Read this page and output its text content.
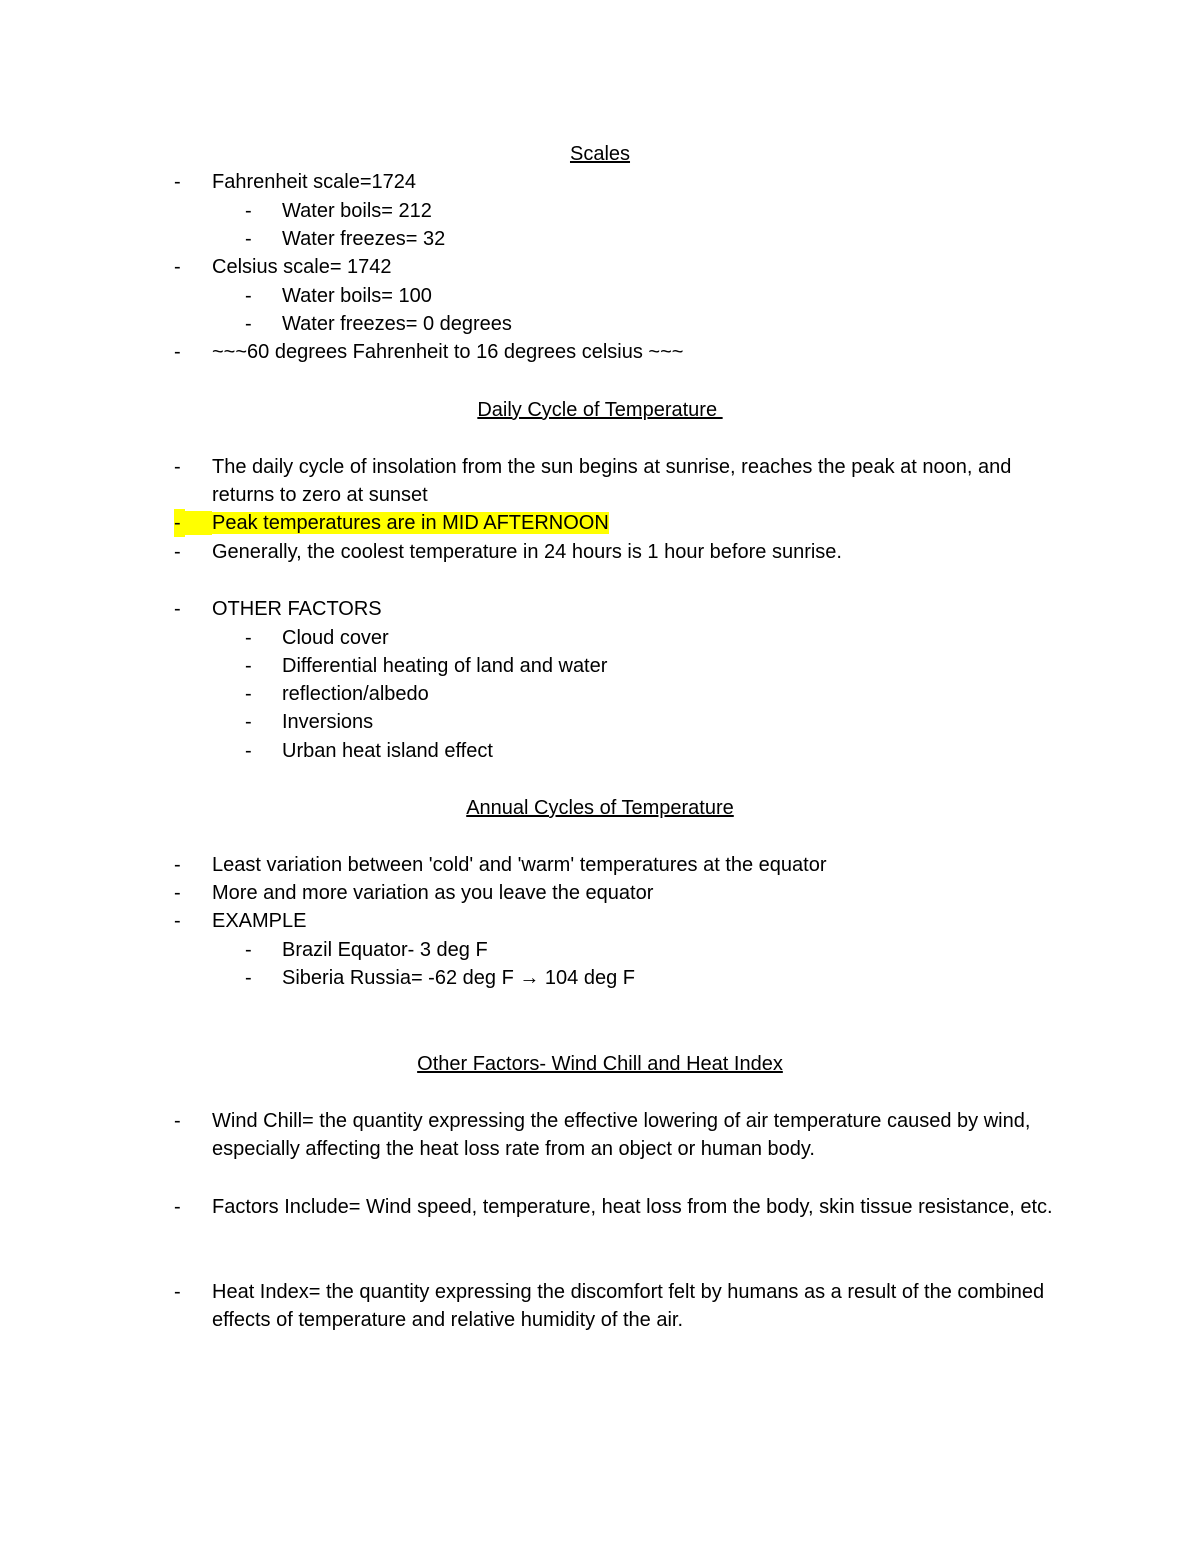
Scales
- Fahrenheit scale=1724
- Water boils= 212
- Water freezes= 32
- Celsius scale= 1742
- Water boils= 100
- Water freezes= 0 degrees
- ~~~60 degrees Fahrenheit to 16 degrees celsius ~~~
Daily Cycle of Temperature
- The daily cycle of insolation from the sun begins at sunrise, reaches the peak at noon, and returns to zero at sunset
-	Peak temperatures are in MID AFTERNOON
- Generally, the coolest temperature in 24 hours is 1 hour before sunrise.
- OTHER FACTORS
- Cloud cover
- Differential heating of land and water
- reflection/albedo
- Inversions
- Urban heat island effect
Annual Cycles of Temperature
- Least variation between 'cold' and 'warm' temperatures at the equator
- More and more variation as you leave the equator
- EXAMPLE
- Brazil Equator- 3 deg F
- Siberia Russia= -62 deg F → 104 deg F
Other Factors- Wind Chill and Heat Index
- Wind Chill= the quantity expressing the effective lowering of air temperature caused by wind, especially affecting the heat loss rate from an object or human body.
- Factors Include= Wind speed, temperature, heat loss from the body, skin tissue resistance, etc.
- Heat Index= the quantity expressing the discomfort felt by humans as a result of the combined effects of temperature and relative humidity of the air.
